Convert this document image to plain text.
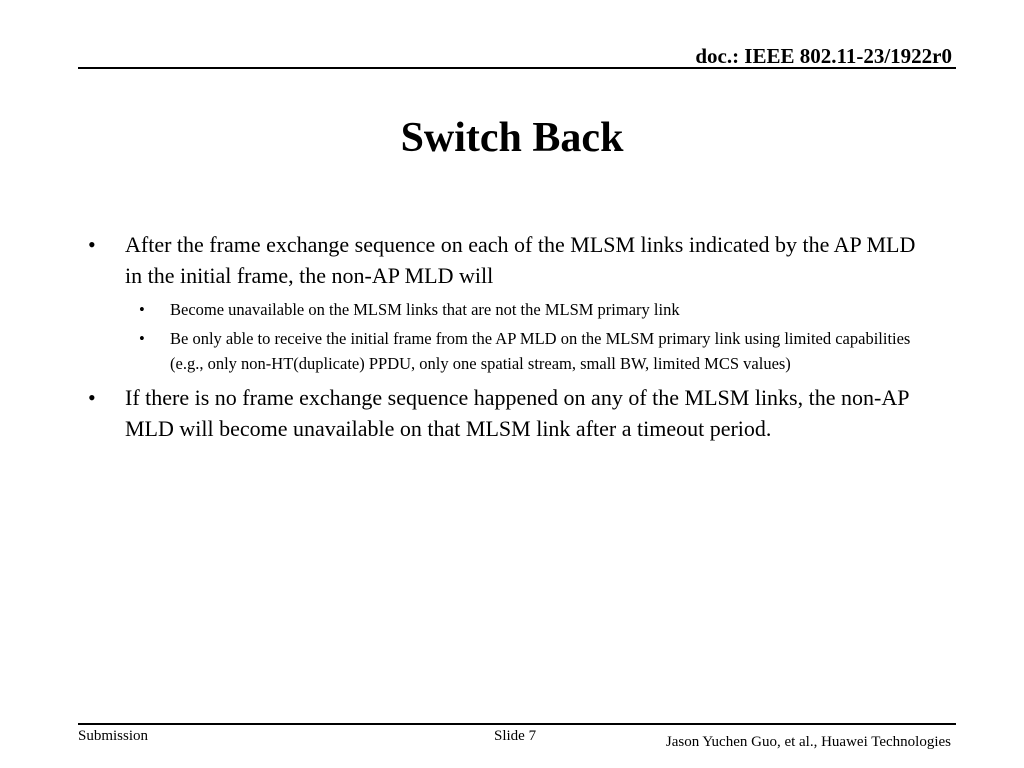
doc.: IEEE 802.11-23/1922r0
Switch Back
• After the frame exchange sequence on each of the MLSM links indicated by the AP MLD in the initial frame, the non-AP MLD will
• Become unavailable on the MLSM links that are not the MLSM primary link
• Be only able to receive the initial frame from the AP MLD on the MLSM primary link using limited capabilities (e.g., only non-HT(duplicate) PPDU, only one spatial stream, small BW, limited MCS values)
• If there is no frame exchange sequence happened on any of the MLSM links, the non-AP MLD will become unavailable on that MLSM link after a timeout period.
Submission	Slide 7	Jason Yuchen Guo, et al., Huawei Technologies
